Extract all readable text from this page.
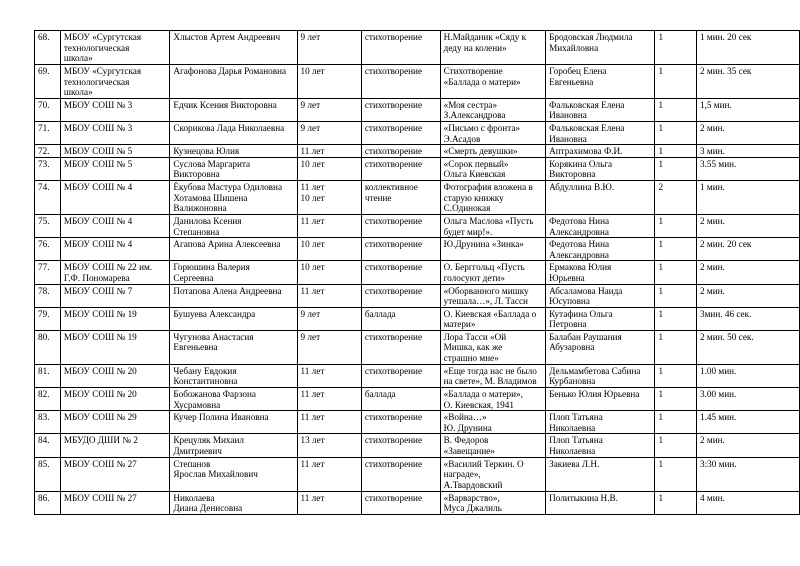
68.	МБОУ «Сургутская
технологическая
школа»	Хлыстов Артем Андреевич	9 лет	стихотворение	Н.Майданик «Сяду к
деду на колени»	Бродовская Людмила
Михайловна	1	1 мин. 20 сек
69.	МБОУ «Сургутская
технологическая
школа»	Агафонова Дарья Романовна	10 лет	стихотворение	Стихотворение
«Баллада о матери»	Горобец Елена
Евгеньевна	1	2 мин. 35 сек
70.	МБОУ СОШ № 3	Едчик Ксения Викторовна	9 лет	стихотворение	«Моя сестра»
З.Александрова	Фальковская Елена
Ивановна	1	1,5 мин.
71.	МБОУ СОШ № 3	Скорикова Лада Николаевна	9 лет	стихотворение	«Письмо с фронта»
Э.Асадов	Фальковская Елена
Ивановна	1	2 мин.
72.	МБОУ СОШ № 5	Кузнецова Юлия	11 лет	стихотворение	«Смерть девушки»	Аптрахимова Ф.И.	1	3 мин.
73.	МБОУ СОШ № 5	Суслова Маргарита
Викторовна	10 лет	стихотворение	«Сорок первый»
Ольга Киевская	Корякина Ольга
Викторовна	1	3.55 мин.
74.	МБОУ СОШ № 4	Ёкубова Мастура Одиловна
Хотамова Шишена
Валижоновна	11 лет
10 лет	коллективное
чтение	Фотография вложена в
старую книжку
С.Одинокая	Абдуллина В.Ю.	2	1 мин.
75.	МБОУ СОШ № 4	Данилова Ксения
Степановна	11 лет	стихотворение	Ольга Маслова «Пусть
будет мир!».	Федотова Нина
Александровна	1	2 мин.
76.	МБОУ СОШ № 4	Агапова Арина Алексеевна	10 лет	стихотворение	Ю.Друнина «Зинка»	Федотова Нина
Александровна	1	2 мин. 20 сек
77.	МБОУ СОШ № 22 им.
Г.Ф. Пономарева	Горюшина Валерия
Сергеевна	10 лет	стихотворение	О. Берггольц «Пусть
голосуют дети»	Ермакова Юлия
Юрьевна	1	2 мин.
78.	МБОУ СОШ № 7	Потапова Алена Андреевна	11 лет	стихотворение	«Оборванного мишку
утешала…», Л. Тасси	Абсаламова Наида
Юсуповна	1	2 мин.
79.	МБОУ СОШ № 19	Бушуева Александра	9 лет	баллада	О. Киевская «Баллада о
матери»	Кутафина Ольга
Петровна	1	3мин. 46 сек.
80.	МБОУ СОШ № 19	Чугунова Анастасия
Евгеньевна	9 лет	стихотворение	Лора Тасси «Ой
Мишка, как же
страшно мне»	Балабан Раушания
Абузаровна	1	2 мин. 50 сек.
81.	МБОУ СОШ № 20	Чебану Евдокия
Константиновна	11 лет	стихотворение	«Еще тогда нас не было
на свете», М. Владимов	Дельмамбетова Сабина
Курбановна	1	1.00 мин.
82.	МБОУ СОШ № 20	Бобожанова Фарзона
Хусрамовна	11 лет	баллада	«Баллада о матери»,
О. Киевская, 1941	Бенько Юлия Юрьевна	1	3.00 мин.
83.	МБОУ СОШ № 29	Кучер Полина Ивановна	11 лет	стихотворение	«Война…»
Ю. Друнина	Плоп Татьяна
Николаевна	1	1.45 мин.
84.	МБУДО ДШИ № 2	Крецуляк Михаил
Дмитриевич	13 лет	стихотворение	В. Федоров
«Завещание»	Плоп Татьяна
Николаевна	1	2 мин.
85.	МБОУ СОШ № 27	Степанов
Ярослав Михайлович	11 лет	стихотворение	«Василий Теркин. О
награде»,
А.Твардовский	Закиева Л.Н.	1	3:30 мин.
86.	МБОУ СОШ № 27	Николаева
Диана Денисовна	11 лет	стихотворение	«Варварство»,
Муса Джалиль	Политыкина Н.В.	1	4 мин.
